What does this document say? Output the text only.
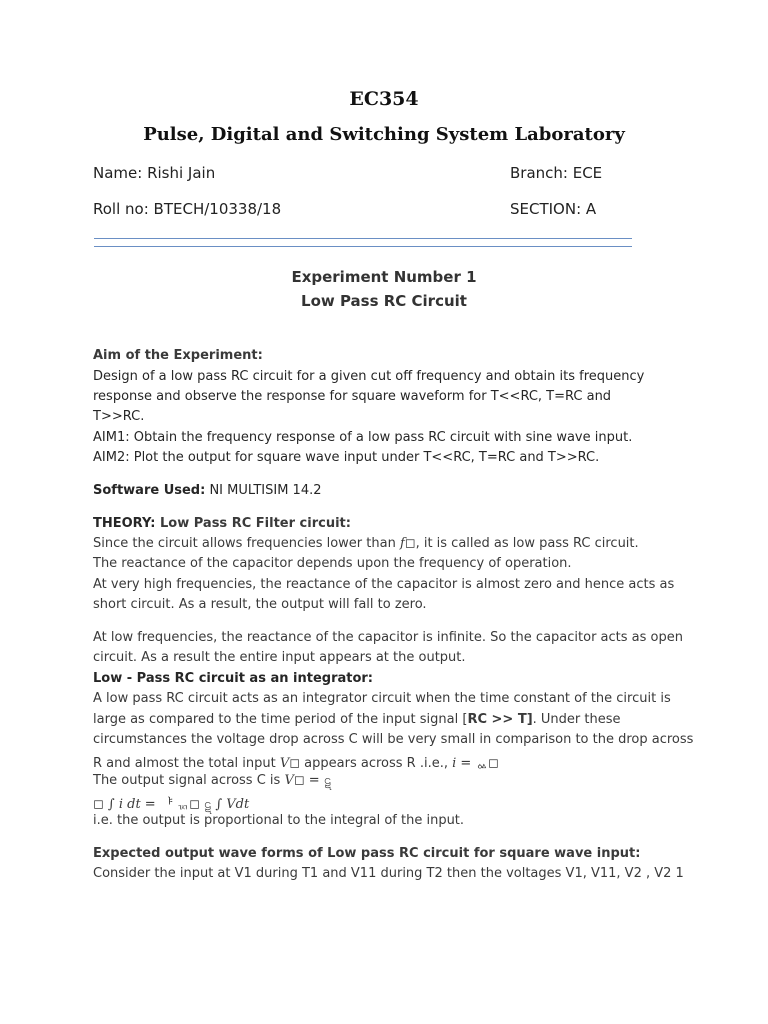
EC354
Pulse, Digital and Switching System Laboratory
Name: Rishi Jain	Branch: ECE
Roll no: BTECH/10338/18	SECTION: A
Experiment Number 1
Low Pass RC Circuit
Aim of the Experiment:
Design of a low pass RC circuit for a given cut off frequency and obtain its frequency
response and observe the response for square waveform for T<<RC, T=RC and
T>>RC.
AIM1: Obtain the frequency response of a low pass RC circuit with sine wave input.
AIM2: Plot the output for square wave input under T<<RC, T=RC and T>>RC.
Software Used: NI MULTISIM 14.2
THEORY: Low Pass RC Filter circuit:
Since the circuit allows frequencies lower than 𝑓◻, it is called as low pass RC circuit.
The reactance of the capacitor depends upon the frequency of operation.
At very high frequencies, the reactance of the capacitor is almost zero and hence acts as
short circuit. As a result, the output will fall to zero.
At low frequencies, the reactance of the capacitor is infinite. So the capacitor acts as open
circuit. As a result the entire input appears at the output.
Low - Pass RC circuit as an integrator:
A low pass RC circuit acts as an integrator circuit when the time constant of the circuit is
large as compared to the time period of the input signal [RC >> T]. Under these
circumstances the voltage drop across C will be very small in comparison to the drop across
R and almost the total input 𝑉◻ appears across R .i.e., 𝑖 = ᇲ◻
The output signal across C is 𝑉◻ = ဋ
◻ ∫ 𝑖 𝑑𝑡 = ᅣ ᇄ◻ ဋ ∫ 𝑉𝑑𝑡
i.e. the output is proportional to the integral of the input.
Expected output wave forms of Low pass RC circuit for square wave input:
Consider the input at V1 during T1 and V11 during T2 then the voltages V1, V11, V2 , V2 1
